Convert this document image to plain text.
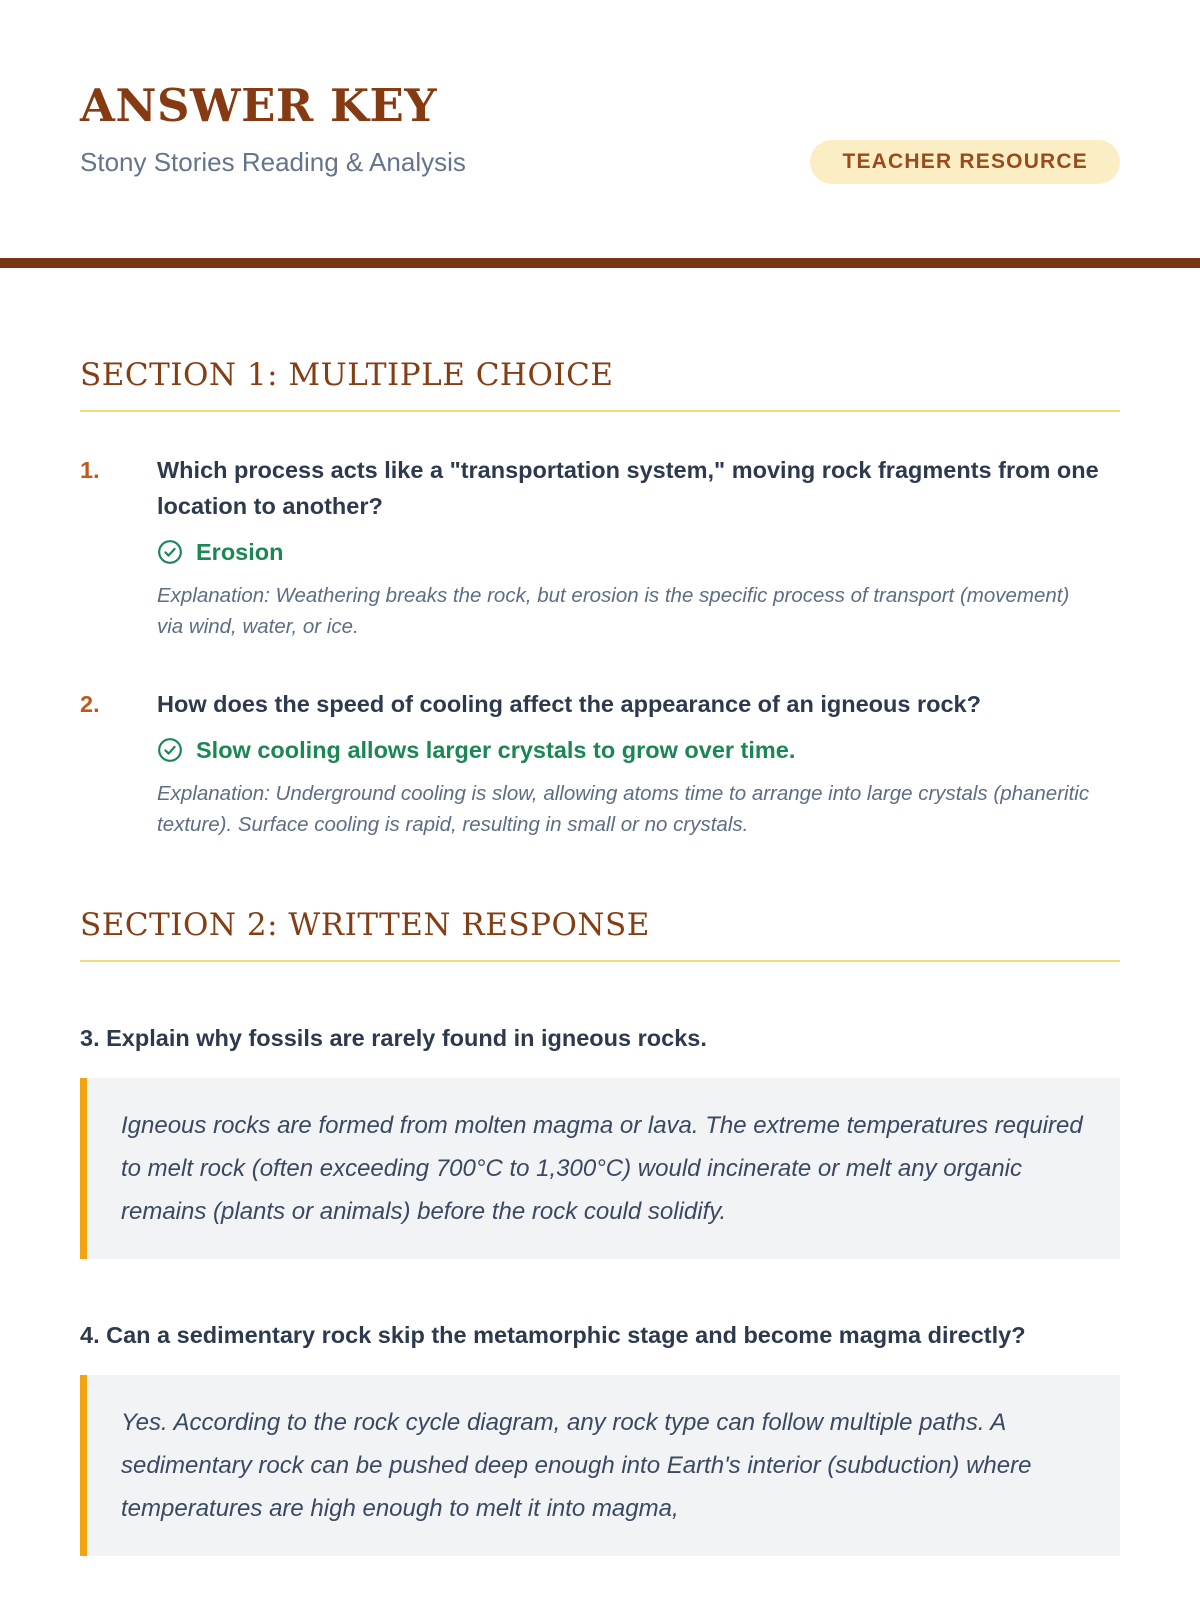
ANSWER KEY
Stony Stories Reading & Analysis	TEACHER RESOURCE
SECTION 1: MULTIPLE CHOICE
1.	Which process acts like a "transportation system," moving rock fragments from one location to another?
Erosion
Explanation: Weathering breaks the rock, but erosion is the specific process of transport (movement) via wind, water, or ice.
2.	How does the speed of cooling affect the appearance of an igneous rock?
Slow cooling allows larger crystals to grow over time.
Explanation: Underground cooling is slow, allowing atoms time to arrange into large crystals (phaneritic texture). Surface cooling is rapid, resulting in small or no crystals.
SECTION 2: WRITTEN RESPONSE

3. Explain why fossils are rarely found in igneous rocks.

Igneous rocks are formed from molten magma or lava. The extreme temperatures required to melt rock (often exceeding 700°C to 1,300°C) would incinerate or melt any organic remains (plants or animals) before the rock could solidify.

4. Can a sedimentary rock skip the metamorphic stage and become magma directly?

Yes. According to the rock cycle diagram, any rock type can follow multiple paths. A sedimentary rock can be pushed deep enough into Earth's interior (subduction) where temperatures are high enough to melt it into magma,
